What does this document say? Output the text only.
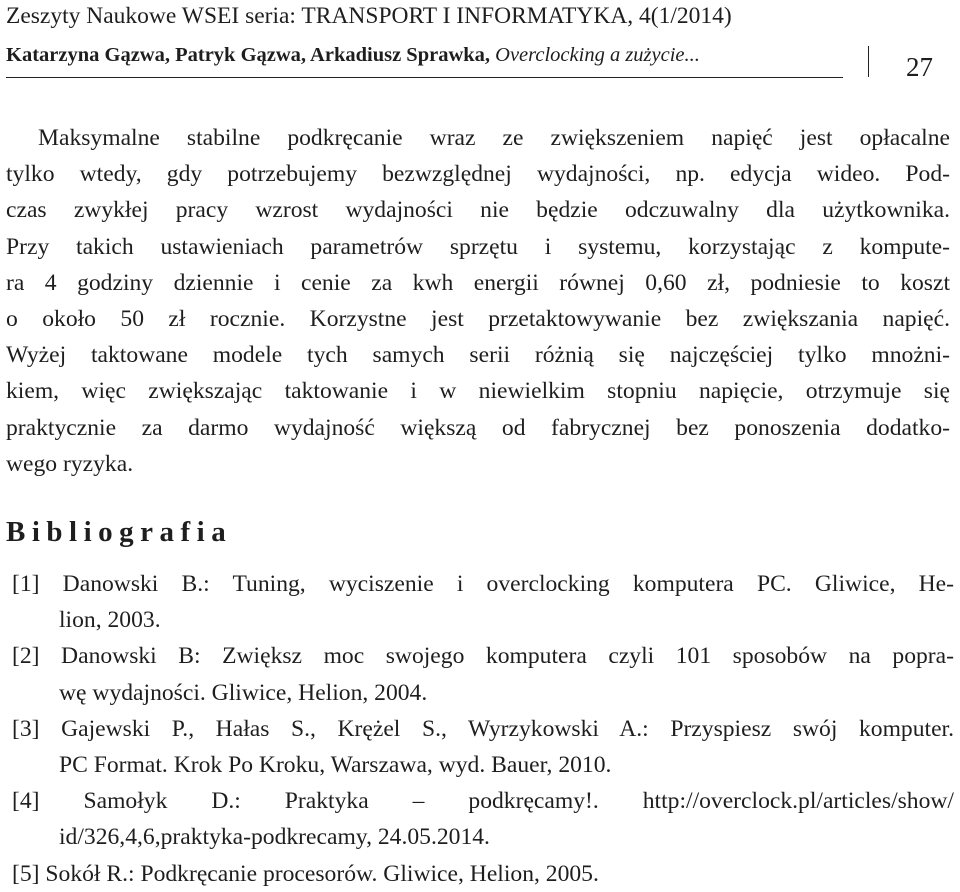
Zeszyty Naukowe WSEI seria: TRANSPORT I INFORMATYKA, 4(1/2014)
Katarzyna Gązwa, Patryk Gązwa, Arkadiusz Sprawka, Overclocking a zużycie...	27
Maksymalne stabilne podkręcanie wraz ze zwiększeniem napięć jest opłacalne
tylko wtedy, gdy potrzebujemy bezwzględnej wydajności, np. edycja wideo. Pod-
czas zwykłej pracy wzrost wydajności nie będzie odczuwalny dla użytkownika.
Przy takich ustawieniach parametrów sprzętu i systemu, korzystając z kompute-
ra 4 godziny dziennie i cenie za kwh energii równej 0,60 zł, podniesie to koszt
o około 50 zł rocznie. Korzystne jest przetaktowywanie bez zwiększania napięć.
Wyżej taktowane modele tych samych serii różnią się najczęściej tylko mnożni-
kiem, więc zwiększając taktowanie i w niewielkim stopniu napięcie, otrzymuje się
praktycznie za darmo wydajność większą od fabrycznej bez ponoszenia dodatko-
wego ryzyka.
Bibliografia
[1] Danowski B.: Tuning, wyciszenie i overclocking komputera PC. Gliwice, He-
lion, 2003.
[2] Danowski B: Zwiększ moc swojego komputera czyli 101 sposobów na popra-
wę wydajności. Gliwice, Helion, 2004.
[3] Gajewski P., Hałas S., Krężel S., Wyrzykowski A.: Przyspiesz swój komputer.
PC Format. Krok Po Kroku, Warszawa, wyd. Bauer, 2010.
[4] Samołyk D.: Praktyka – podkręcamy!. http://overclock.pl/articles/show/
id/326,4,6,praktyka-podkrecamy, 24.05.2014.
[5] Sokół R.: Podkręcanie procesorów. Gliwice, Helion, 2005.
